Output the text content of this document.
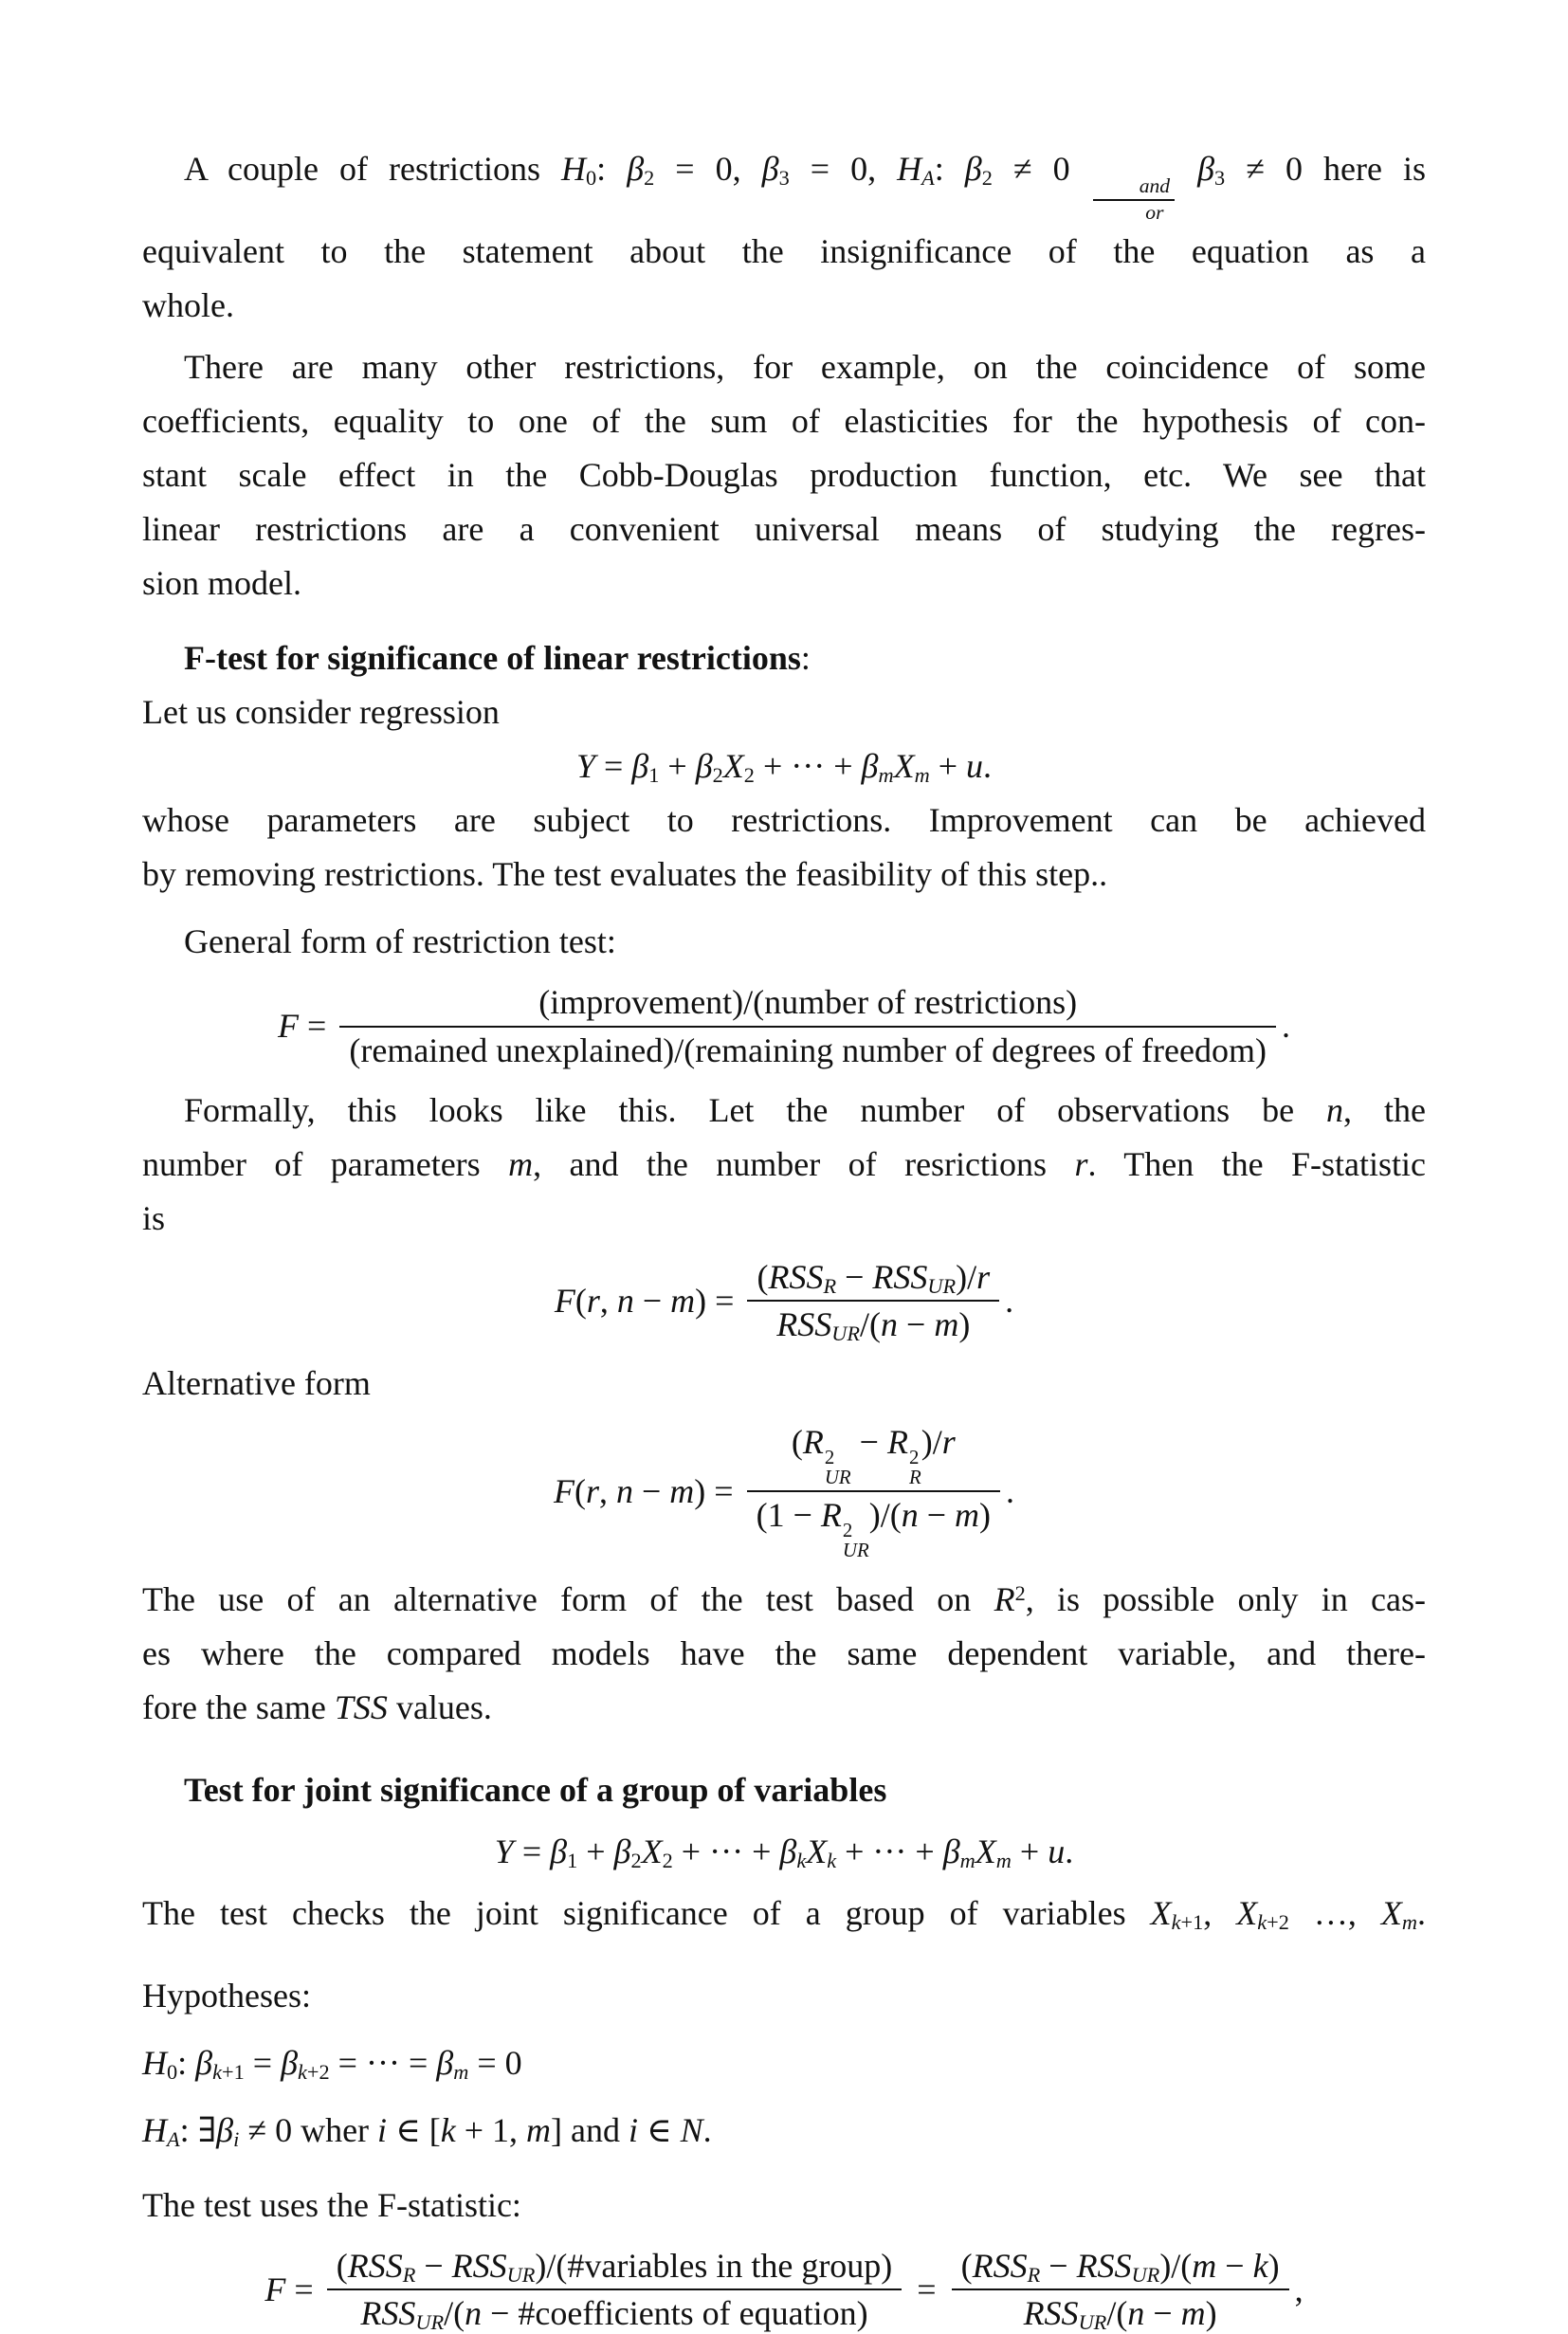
A couple of restrictions $H_0$: $\beta_2 = 0$, $\beta_3 = 0$, $H_A$: $\beta_2 \ne 0$	and
or
$\beta_3 \ne 0$ here is
equivalent to the statement about the insignificance of the equation as a
whole.
There are many other restrictions, for example, on the coincidence of some
coefficients, equality to one of the sum of elasticities for the hypothesis of con-
stant scale effect in the Cobb-Douglas production function, etc. We see that
linear restrictions are a convenient universal means of studying the regres-
sion model.
F-test for significance of linear restrictions:
Let us consider regression
$Y = \beta_1 + \beta_2X_2$ + ··· + $\beta_mX_m + u$.
whose parameters are subject to restrictions. Improvement can be achieved
by removing restrictions. The test evaluates the feasibility of this step..
General form of restriction test:
F =
(improvement)/(number of restrictions)
(remained unexplained)/(remaining number of degrees of freedom)
.
Formally, this looks like this. Let the number of observations be n, the
number of parameters m, and the number of resrictions r. Then the F-statistic
is
F(r, $n - m) = \frac{(RSS_R - RSS_{UR})/r}{RSS_{UR}/(n - m)}$ .
Alternative form
F(r, n − m) = (R 2
UR
− R 2
R
)/r
(1 − R 2
UR
)/(n − m) .
The use of an alternative form of the test based on $R^2$, is possible only in cas-
es where the compared models have the same dependent variable, and there-
fore the same TSS values.
Test for joint significance of a group of variables
$Y = \beta_1 + \beta_2X_2$ + ··· + $\beta_kX_k$ + ··· + $\beta_mX_m + u$.
The test checks the joint significance of a group of variables $X_{k+1}$, $X_{k+2}$ …, $X_m$.
Hypotheses:
$H_0$: $\beta_{k+1} = \beta_{k+2}$ = ··· = $\beta_m = 0$
$H_A$: $\exists\beta_i \ne 0$ wher i ∈ [k + 1, m] and i ∈ N.
The test uses the F-statistic:
$F = \frac{(RSS_R - RSS_{UR})/(\#variables in the group)}{RSS_{UR}/(n - \#coefficients of equation)} = \frac{(RSS_R - RSS_{UR})/(m - k)}{RSS_{UR}/(n - m)}$ ,
